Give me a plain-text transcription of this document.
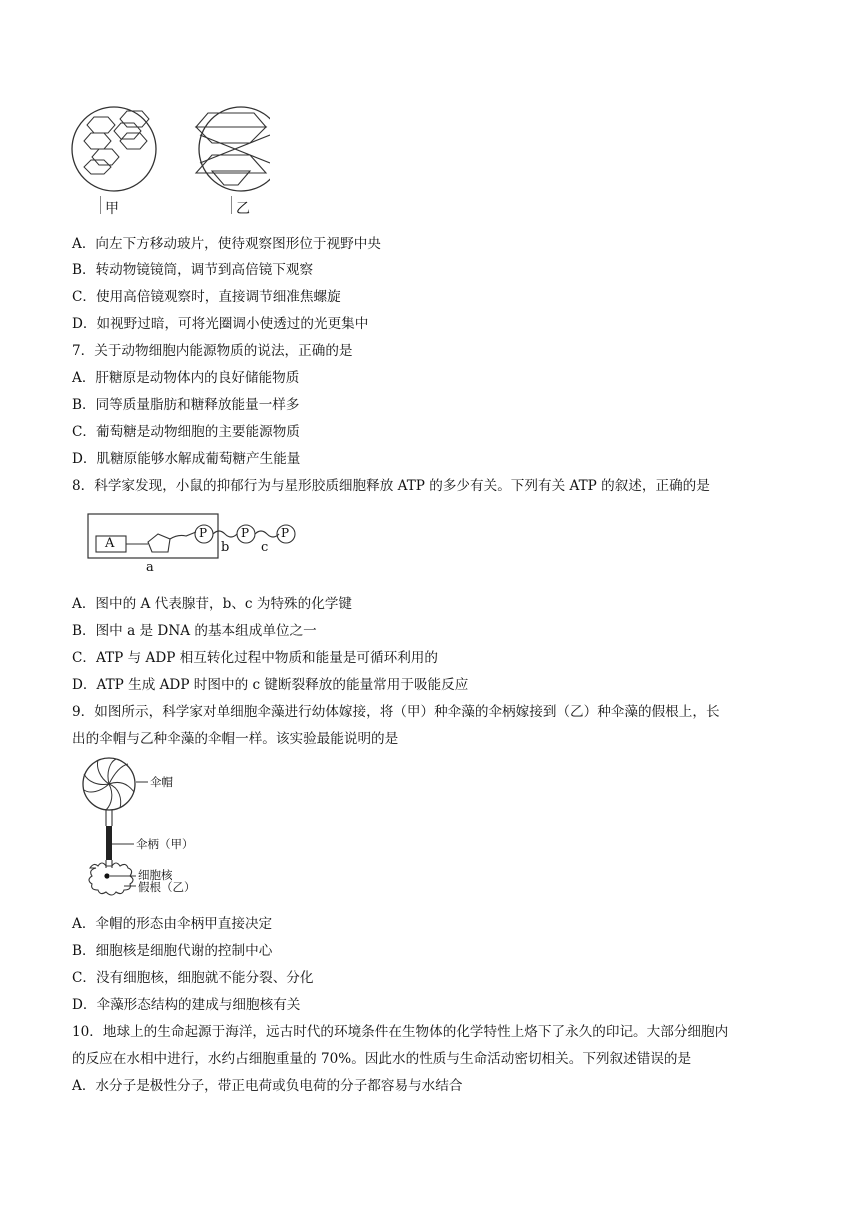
甲	乙
A．向左下方移动玻片，使待观察图形位于视野中央
B．转动物镜镜筒，调节到高倍镜下观察
C．使用高倍镜观察时，直接调节细准焦螺旋
D．如视野过暗，可将光圈调小使透过的光更集中
7．关于动物细胞内能源物质的说法，正确的是
A．肝糖原是动物体内的良好储能物质
B．同等质量脂肪和糖释放能量一样多
C．葡萄糖是动物细胞的主要能源物质
D．肌糖原能够水解成葡萄糖产生能量
8．科学家发现，小鼠的抑郁行为与星形胶质细胞释放 ATP 的多少有关。下列有关 ATP 的叙述，正确的是
A
P	P	P
b c
a
A．图中的 A 代表腺苷，b、c 为特殊的化学键
B．图中 a 是 DNA 的基本组成单位之一
C．ATP 与 ADP 相互转化过程中物质和能量是可循环利用的
D．ATP 生成 ADP 时图中的 c 键断裂释放的能量常用于吸能反应
9．如图所示，科学家对单细胞伞藻进行幼体嫁接，将（甲）种伞藻的伞柄嫁接到（乙）种伞藻的假根上，长
出的伞帽与乙种伞藻的伞帽一样。该实验最能说明的是
伞帽
伞柄（甲）
细胞核
假根（乙）
A．伞帽的形态由伞柄甲直接决定
B．细胞核是细胞代谢的控制中心
C．没有细胞核，细胞就不能分裂、分化
D．伞藻形态结构的建成与细胞核有关
10．地球上的生命起源于海洋，远古时代的环境条件在生物体的化学特性上烙下了永久的印记。大部分细胞内
的反应在水相中进行，水约占细胞重量的 70%。因此水的性质与生命活动密切相关。下列叙述错误的是
A．水分子是极性分子，带正电荷或负电荷的分子都容易与水结合
